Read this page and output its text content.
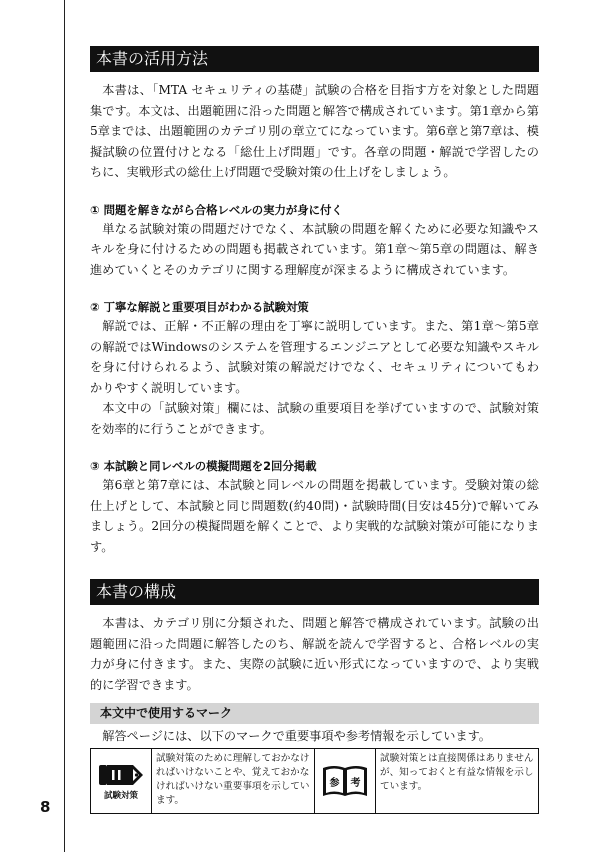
8
本書の活用方法

本書は、「MTA セキュリティの基礎」試験の合格を目指す方を対象とした問題集です。本文は、出題範囲に沿った問題と解答で構成されています。第1章から第5章までは、出題範囲のカテゴリ別の章立てになっています。第6章と第7章は、模擬試験の位置付けとなる「総仕上げ問題」です。各章の問題・解説で学習したのちに、実戦形式の総仕上げ問題で受験対策の仕上げをしましょう。

① 問題を解きながら合格レベルの実力が身に付く

単なる試験対策の問題だけでなく、本試験の問題を解くために必要な知識やスキルを身に付けるための問題も掲載されています。第1章〜第5章の問題は、解き進めていくとそのカテゴリに関する理解度が深まるように構成されています。

② 丁寧な解説と重要項目がわかる試験対策

解説では、正解・不正解の理由を丁寧に説明しています。また、第1章〜第5章の解説ではWindowsのシステムを管理するエンジニアとして必要な知識やスキルを身に付けられるよう、試験対策の解説だけでなく、セキュリティについてもわかりやすく説明しています。

本文中の「試験対策」欄には、試験の重要項目を挙げていますので、試験対策を効率的に行うことができます。

③ 本試験と同レベルの模擬問題を2回分掲載

第6章と第7章には、本試験と同レベルの問題を掲載しています。受験対策の総仕上げとして、本試験と同じ問題数(約40問)・試験時間(目安は45分)で解いてみましょう。2回分の模擬問題を解くことで、より実戦的な試験対策が可能になります。

本書の構成

本書は、カテゴリ別に分類された、問題と解答で構成されています。試験の出題範囲に沿った問題に解答したのち、解説を読んで学習すると、合格レベルの実力が身に付きます。また、実際の試験に近い形式になっていますので、より実戦的に学習できます。

本文中で使用するマーク

解答ページには、以下のマークで重要事項や参考情報を示しています。

試験対策
試験対策のために理解しておかなければいけないことや、覚えておかなければいけない重要事項を示しています。
参 考
試験対策とは直接関係はありませんが、知っておくと有益な情報を示しています。
